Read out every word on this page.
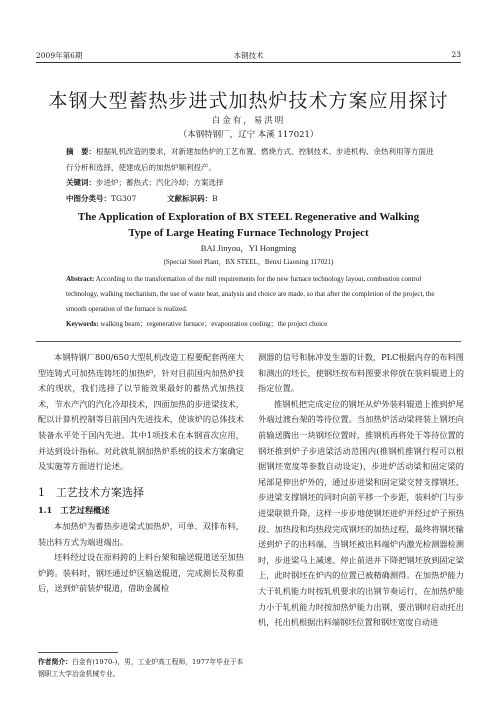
2009年第6期	本钢技术	23
本钢大型蓄热步进式加热炉技术方案应用探讨
白金有，易洪明
（本钢特钢厂，辽宁 本溪 117021）
摘　要：根据轧机改造的要求，对新建加热炉的工艺布置、燃烧方式、控制技术、步进机构、余热利用等方面进行分析和选择，使建成后的加热炉顺利投产。
关键词：步进炉；蓄热式；汽化冷却；方案选择
中图分类号：TG307	文献标识码：B
The Application of Exploration of BX STEEL Regenerative and Walking
Type of Large Heating Furnace Technology Project
BAI Jinyou，YI Hongming
(Special Steel Plant，BX STEEL，Benxi Liaoning 117021)
Abstract: According to the transformation of the mill requirements for the new furnace technology layout, combustion control technology, walking mechanism, the use of waste heat, analysis and choice are made, so that after the completion of the project, the smooth operation of the furnace is realized.
Keywords: walking beam；regenerative furnace；evapouration cooling；the project choice

本钢特钢厂800/650大型轧机改造工程要配套两座大型连铸式可加热连铸坯的加热炉，针对目前国内加热炉技术的现状，我们选择了以节能效果最好的蓄热式加热技术，节水产汽的汽化冷却技术，四面加热的步进梁技术，配以计算机控制等目前国内先进技术，使该炉的总体技术装备水平处于国内先进。其中1项技术在本钢首次应用，并达到设计指标。对此就轧钢加热炉系统的技术方案确定及实施等方面进行论述。

1　工艺技术方案选择
1.1　工艺过程概述

本加热炉为蓄热步进梁式加热炉，可单、双排布料，装出料方式为端进端出。

坯料经过设在原料跨的上料台架和输送辊道送至加热炉跨。装料时，钢坯通过炉区输送辊道，完成测长及称重后，送到炉前装炉辊道，借助金属检

测器的信号和脉冲发生器的计数，PLC根据内存的布料图和测出的坯长，使钢坯按布料图要求停放在装料辊道上的指定位置。

推钢机把完成定位的钢坯从炉外装料辊道上推到炉尾外端过渡台架的等待位置。当加热炉活动梁将装上钢坯向前输送腾出一块钢坯位置时，推钢机再将处于等待位置的钢坯推到炉子步进梁活动范围内(推钢机推钢行程可以根据钢坯宽度等参数自动设定)，步进炉活动梁和固定梁的尾部是伸出炉外的，通过步进梁和固定梁交替支撑钢坯、步进梁支撑钢坯的同时向前平移一个步距，装料炉门与步进梁联锁升降，这样一步步地使钢坯进炉并经过炉子预热段、加热段和均热段完成钢坯的加热过程，最终将钢坯输送到炉子的出料端，当钢坯被出料端炉内激光检测器检测时，步进梁马上减速、停止前进并下降把钢坯放到固定梁上，此时钢坯在炉内的位置已被精确测得。在加热炉能力大于轧机能力时按轧机要求的出钢节奏运行，在加热炉能力小于轧机能力时按加热炉能力出钢，要出钢时启动托出机，托出机根据出料端钢坯位置和钢坯宽度自动进

作者简介：白金有(1970-)，男，工业炉高工程师，1977年毕业于本钢职工大学冶金机械专业。
